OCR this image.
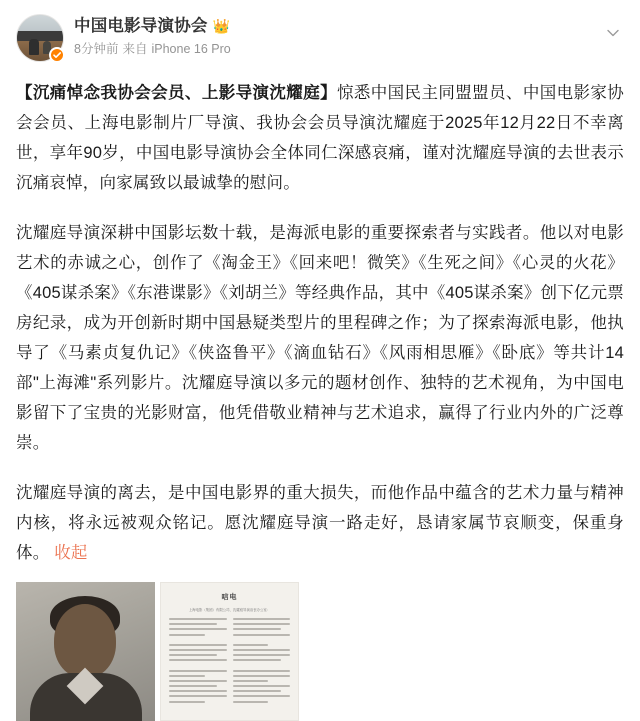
中国电影导演协会 👑
8分钟前 来自 iPhone 16 Pro

【沉痛悼念我协会会员、上影导演沈耀庭】惊悉中国民主同盟盟员、中国电影家协会会员、上海电影制片厂导演、我协会会员导演沈耀庭于2025年12月22日不幸离世，享年90岁，中国电影导演协会全体同仁深感哀痛，谨对沈耀庭导演的去世表示沉痛哀悼，向家属致以最诚挚的慰问。

沈耀庭导演深耕中国影坛数十载，是海派电影的重要探索者与实践者。他以对电影艺术的赤诚之心，创作了《淘金王》《回来吧！微笑》《生死之间》《心灵的火花》《405谋杀案》《东港谍影》《刘胡兰》等经典作品，其中《405谋杀案》创下亿元票房纪录，成为开创新时期中国悬疑类型片的里程碑之作；为了探索海派电影，他执导了《马素贞复仇记》《侠盗鲁平》《滴血钻石》《风雨相思雁》《卧底》等共计14部"上海滩"系列影片。沈耀庭导演以多元的题材创作、独特的艺术视角，为中国电影留下了宝贵的光影财富，他凭借敬业精神与艺术追求，赢得了行业内外的广泛尊崇。

沈耀庭导演的离去，是中国电影界的重大损失，而他作品中蕴含的艺术力量与精神内核，将永远被观众铭记。愿沈耀庭导演一路走好，恳请家属节哀顺变，保重身体。 收起

唁电
上海电影（集团）有限公司、沈耀庭导演治丧办公室：
